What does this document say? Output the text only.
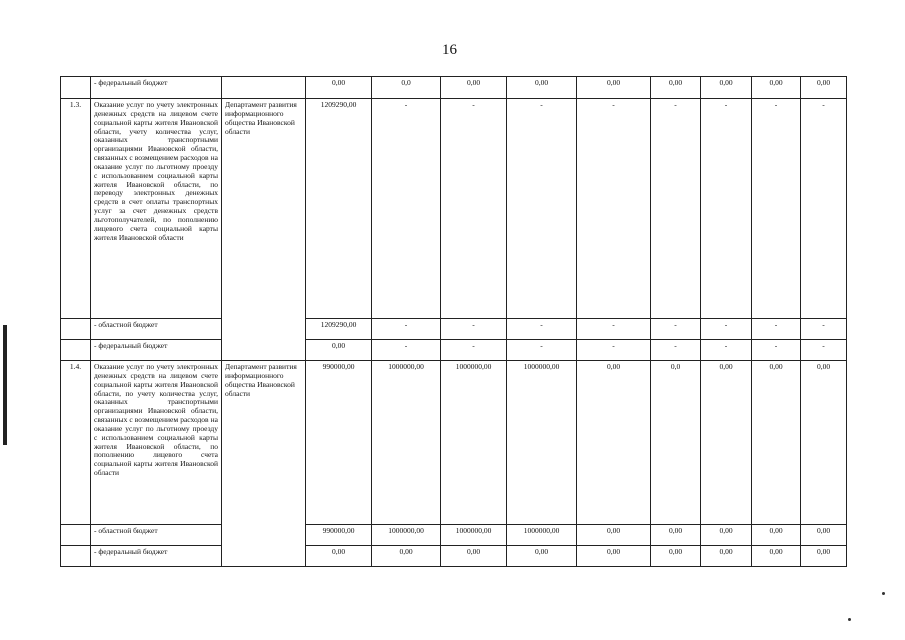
16
	- федеральный бюджет		0,00	0,0	0,00	0,00	0,00	0,00	0,00	0,00	0,00
1.3.	Оказание услуг по учету электронных денежных средств на лицевом счете социальной карты жителя Ивановской области, учету количества услуг, оказанных транспортными организациями Ивановской области, связанных с возмещением расходов на оказание услуг по льготному проезду с использованием социальной карты жителя Ивановской области, по переводу электронных денежных средств в счет оплаты транспортных услуг за счет денежных средств льготополучателей, по пополнению лицевого счета социальной карты жителя Ивановской области	Департамент развития информационного общества Ивановской области	1209290,00	-	-	-	-	-	-	-	-
	- областной бюджет		1209290,00	-	-	-	-	-	-	-	-
	- федеральный бюджет		0,00	-	-	-	-	-	-	-	-
1.4.	Оказание услуг по учету электронных денежных средств на лицевом счете социальной карты жителя Ивановской области, по учету количества услуг, оказанных транспортными организациями Ивановской области, связанных с возмещением расходов на оказание услуг по льготному проезду с использованием социальной карты жителя Ивановской области, по пополнению лицевого счета социальной карты жителя Ивановской области	Департамент развития информационного общества Ивановской области	990000,00	1000000,00	1000000,00	1000000,00	0,00	0,0	0,00	0,00	0,00
	- областной бюджет		990000,00	1000000,00	1000000,00	1000000,00	0,00	0,00	0,00	0,00	0,00
	- федеральный бюджет		0,00	0,00	0,00	0,00	0,00	0,00	0,00	0,00	0,00
